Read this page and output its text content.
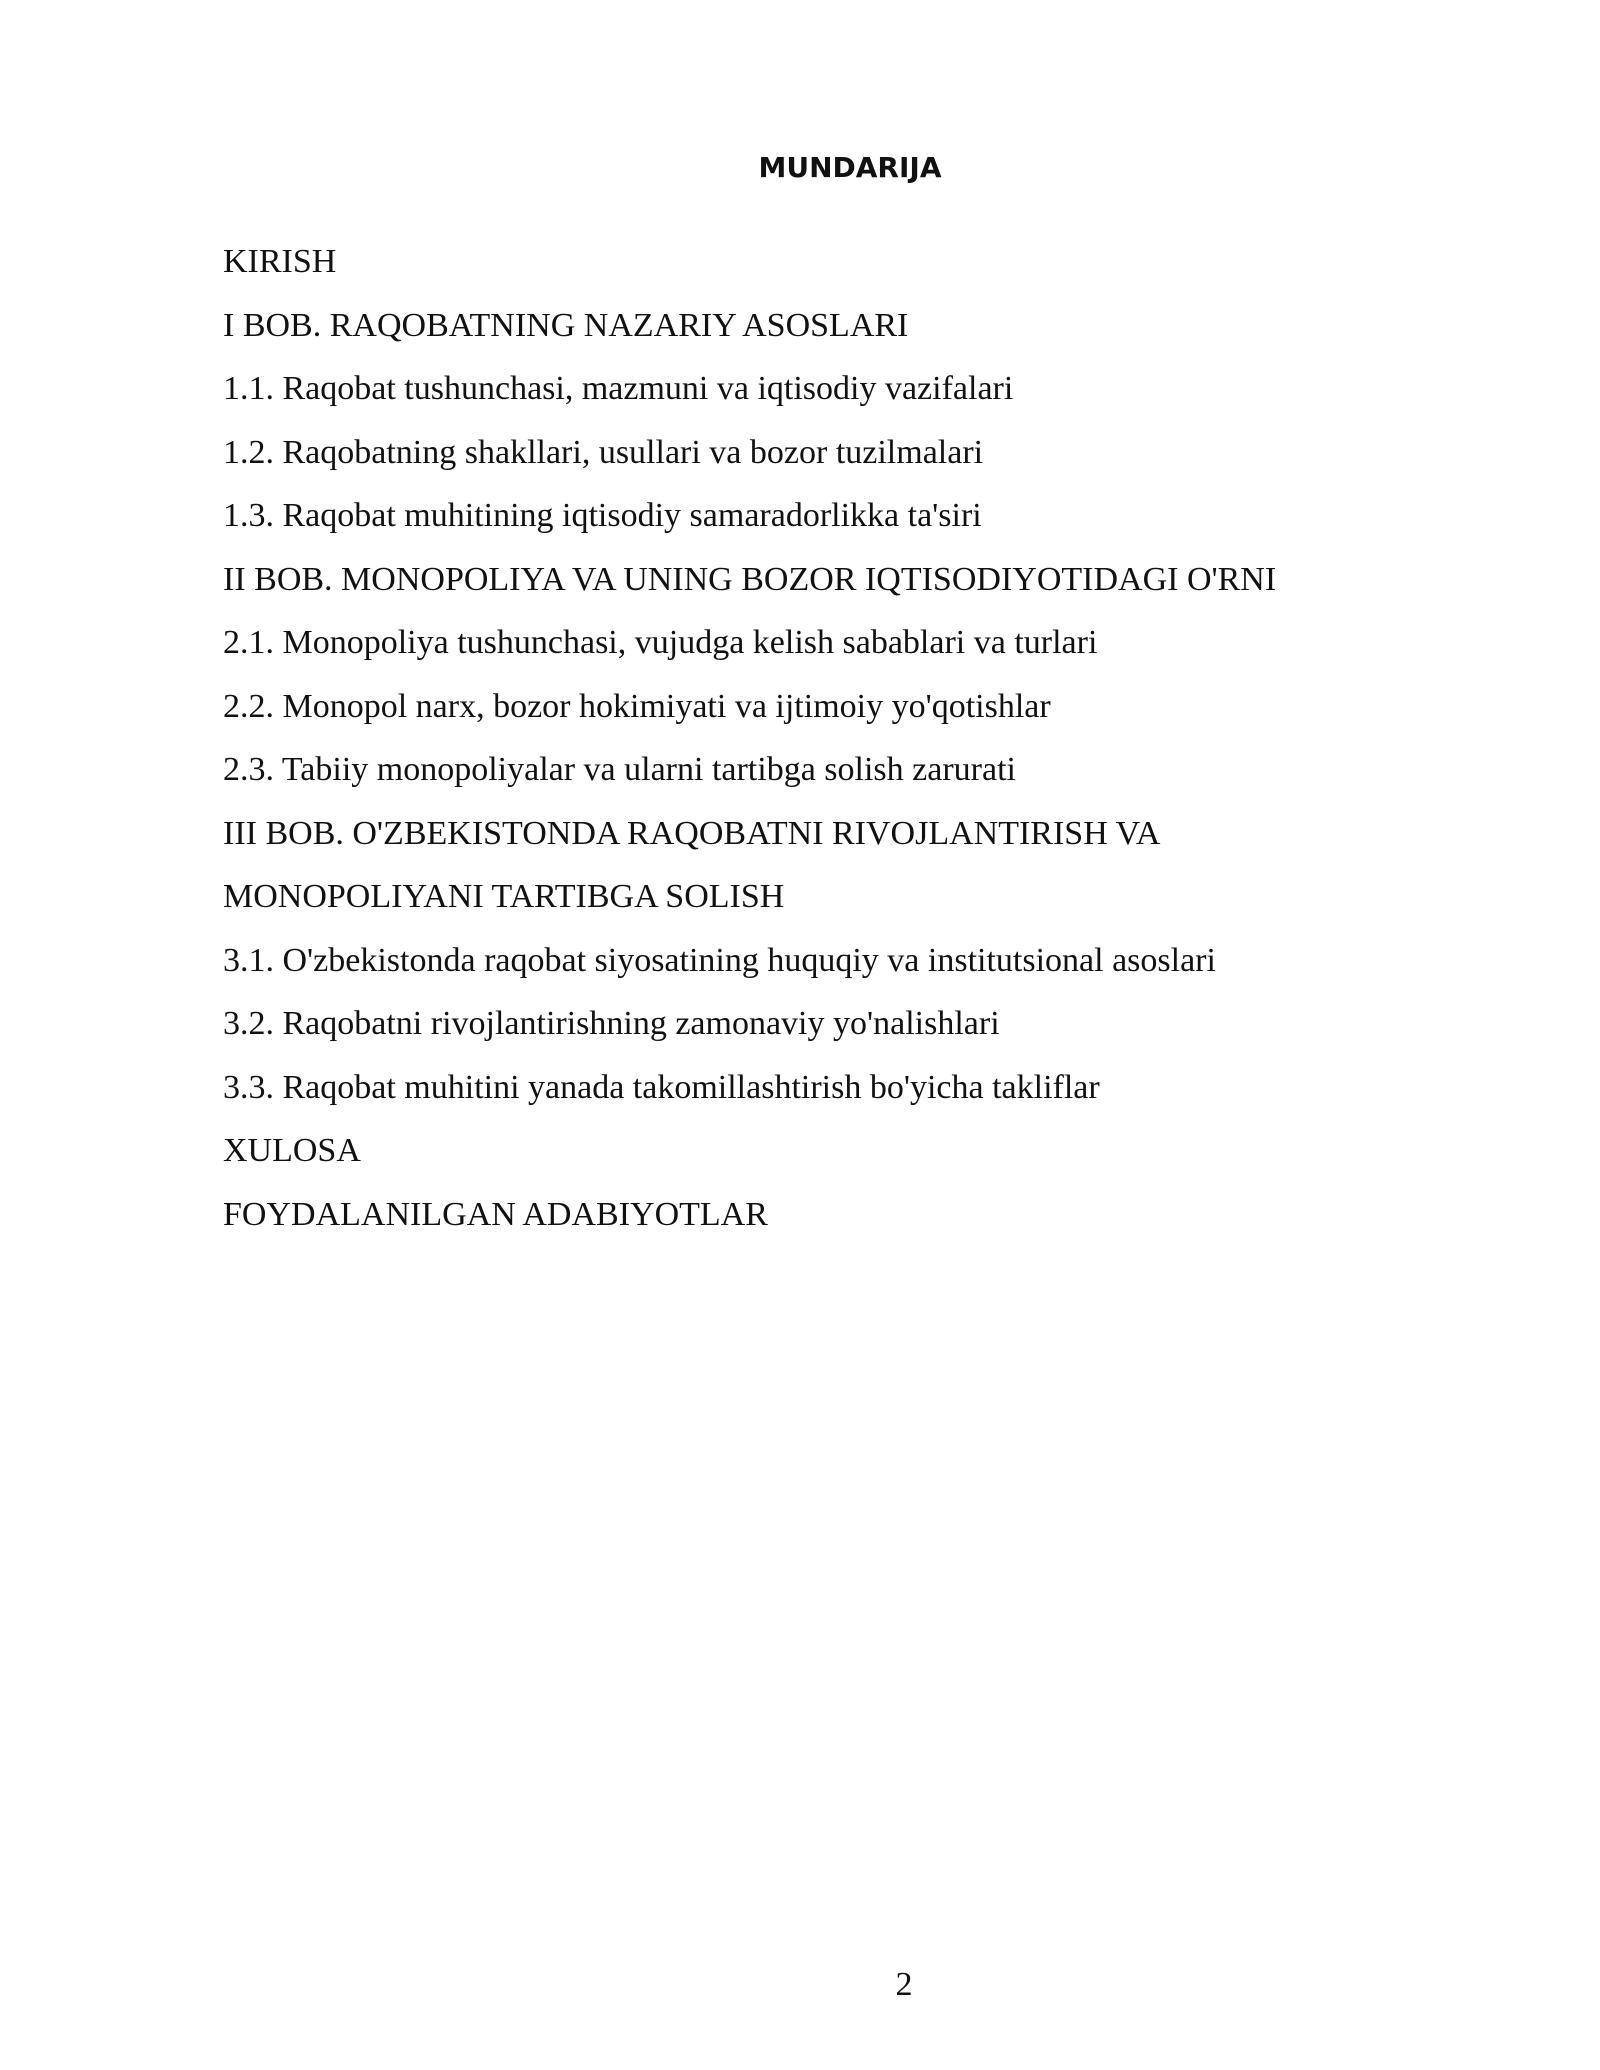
MUNDARIJA
KIRISH
I BOB. RAQOBATNING NAZARIY ASOSLARI
1.1. Raqobat tushunchasi, mazmuni va iqtisodiy vazifalari
1.2. Raqobatning shakllari, usullari va bozor tuzilmalari
1.3. Raqobat muhitining iqtisodiy samaradorlikka ta'siri
II BOB. MONOPOLIYA VA UNING BOZOR IQTISODIYOTIDAGI O'RNI
2.1. Monopoliya tushunchasi, vujudga kelish sabablari va turlari
2.2. Monopol narx, bozor hokimiyati va ijtimoiy yo'qotishlar
2.3. Tabiiy monopoliyalar va ularni tartibga solish zarurati
III BOB. O'ZBEKISTONDA RAQOBATNI RIVOJLANTIRISH VA
MONOPOLIYANI TARTIBGA SOLISH
3.1. O'zbekistonda raqobat siyosatining huquqiy va institutsional asoslari
3.2. Raqobatni rivojlantirishning zamonaviy yo'nalishlari
3.3. Raqobat muhitini yanada takomillashtirish bo'yicha takliflar
XULOSA
FOYDALANILGAN ADABIYOTLAR
2
